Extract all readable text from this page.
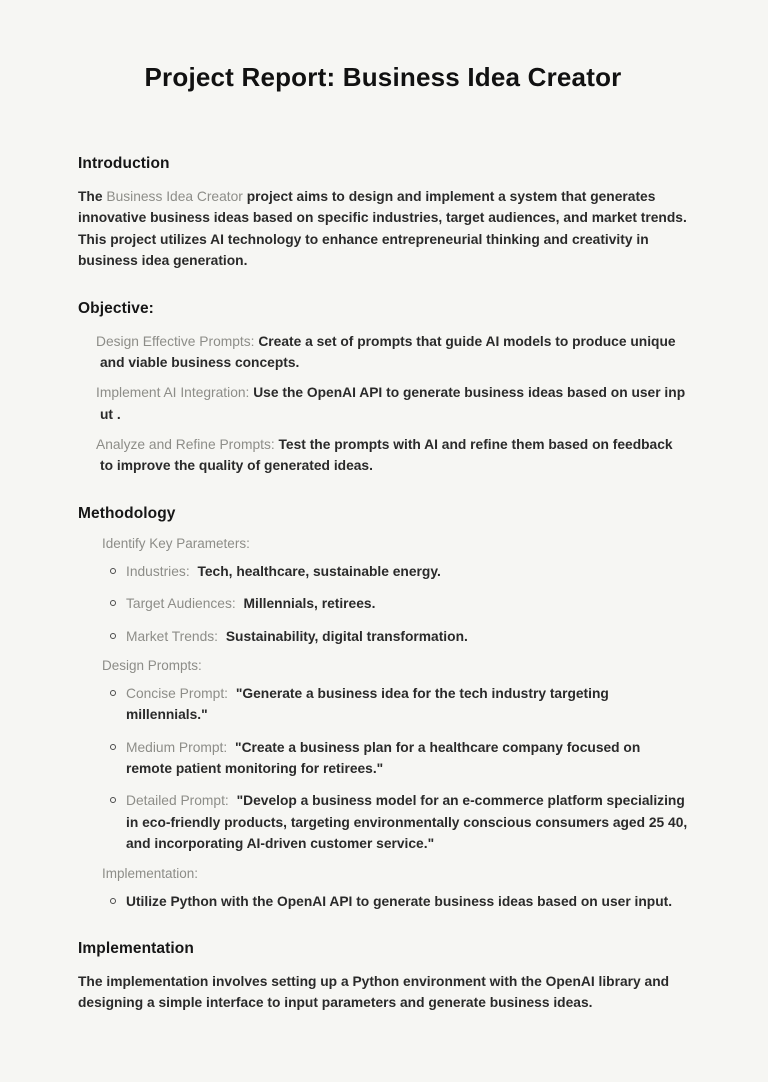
Project Report: Business Idea Creator
Introduction

The Business Idea Creator project aims to design and implement a system that generates innovative business ideas based on specific industries, target audiences, and market trends. This project utilizes AI technology to enhance entrepreneurial thinking and creativity in business idea generation.

Objective:

Design Effective Prompts: Create a set of prompts that guide AI models to produce unique and viable business concepts.

Implement AI Integration: Use the OpenAI API to generate business ideas based on user inp ut .

Analyze and Refine Prompts: Test the prompts with AI and refine them based on feedback to improve the quality of generated ideas.

Methodology
Identify Key Parameters:
Industries: Tech, healthcare, sustainable energy.
Target Audiences: Millennials, retirees.
Market Trends: Sustainability, digital transformation.
Design Prompts:
Concise Prompt: "Generate a business idea for the tech industry targeting millennials."
Medium Prompt: "Create a business plan for a healthcare company focused on remote patient monitoring for retirees."
Detailed Prompt: "Develop a business model for an e-commerce platform specializing in eco-friendly products, targeting environmentally conscious consumers aged 25 40, and incorporating AI-driven customer service."
Implementation:
Utilize Python with the OpenAI API to generate business ideas based on user input.
Implementation

The implementation involves setting up a Python environment with the OpenAI library and designing a simple interface to input parameters and generate business ideas.
